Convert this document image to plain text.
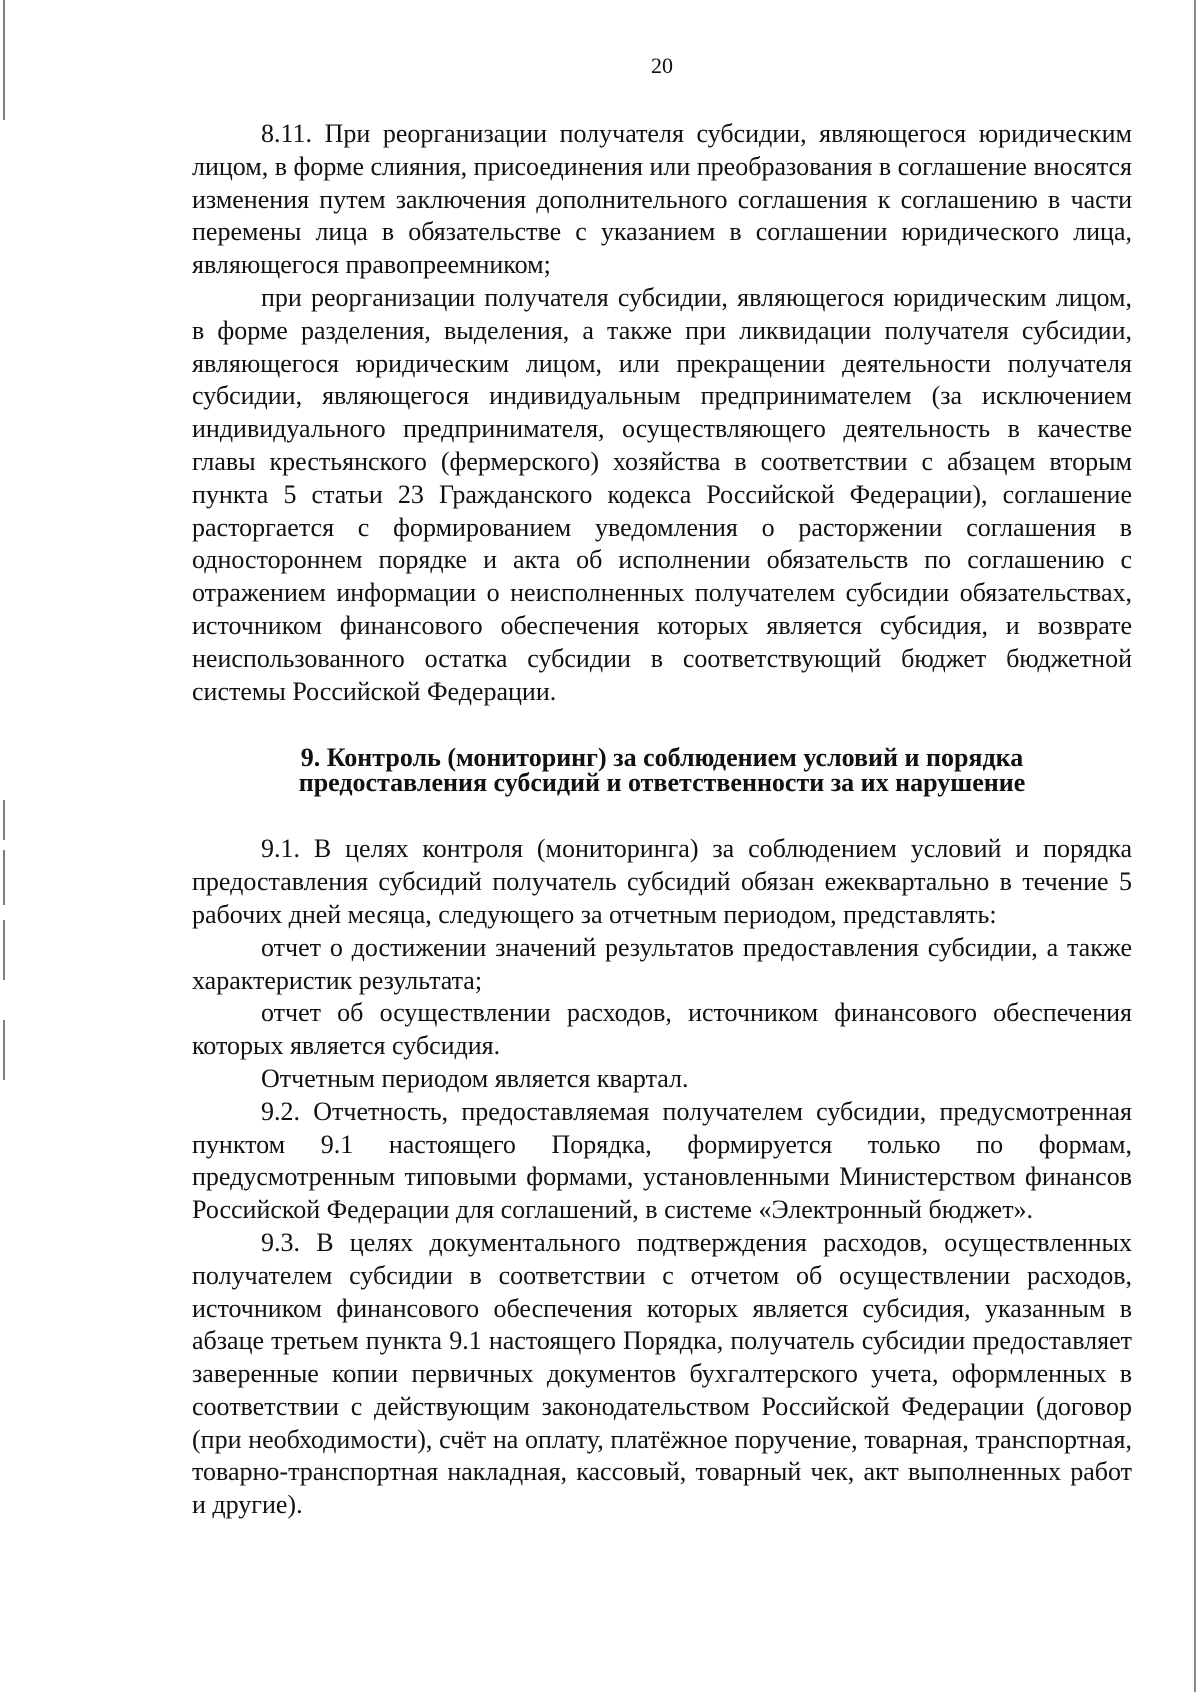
20

8.11. При реорганизации получателя субсидии, являющегося юридическим лицом, в форме слияния, присоединения или преобразования в соглашение вносятся изменения путем заключения дополнительного соглашения к соглашению в части перемены лица в обязательстве с указанием в соглашении юридического лица, являющегося правопреемником;

при реорганизации получателя субсидии, являющегося юридическим лицом, в форме разделения, выделения, а также при ликвидации получателя субсидии, являющегося юридическим лицом, или прекращении деятельности получателя субсидии, являющегося индивидуальным предпринимателем (за исключением индивидуального предпринимателя, осуществляющего деятельность в качестве главы крестьянского (фермерского) хозяйства в соответствии с абзацем вторым пункта 5 статьи 23 Гражданского кодекса Российской Федерации), соглашение расторгается с формированием уведомления о расторжении соглашения в одностороннем порядке и акта об исполнении обязательств по соглашению с отражением информации о неисполненных получателем субсидии обязательствах, источником финансового обеспечения которых является субсидия, и возврате неиспользованного остатка субсидии в соответствующий бюджет бюджетной системы Российской Федерации.

9. Контроль (мониторинг) за соблюдением условий и порядка
предоставления субсидий и ответственности за их нарушение

9.1. В целях контроля (мониторинга) за соблюдением условий и порядка предоставления субсидий получатель субсидий обязан ежеквартально в течение 5 рабочих дней месяца, следующего за отчетным периодом, представлять:

отчет о достижении значений результатов предоставления субсидии, а также характеристик результата;

отчет об осуществлении расходов, источником финансового обеспечения которых является субсидия.

Отчетным периодом является квартал.

9.2. Отчетность, предоставляемая получателем субсидии, предусмотренная пунктом 9.1 настоящего Порядка, формируется только по формам, предусмотренным типовыми формами, установленными Министерством финансов Российской Федерации для соглашений, в системе «Электронный бюджет».

9.3. В целях документального подтверждения расходов, осуществленных получателем субсидии в соответствии с отчетом об осуществлении расходов, источником финансового обеспечения которых является субсидия, указанным в абзаце третьем пункта 9.1 настоящего Порядка, получатель субсидии предоставляет заверенные копии первичных документов бухгалтерского учета, оформленных в соответствии с действующим законодательством Российской Федерации (договор (при необходимости), счёт на оплату, платёжное поручение, товарная, транспортная, товарно-транспортная накладная, кассовый, товарный чек, акт выполненных работ и другие).
